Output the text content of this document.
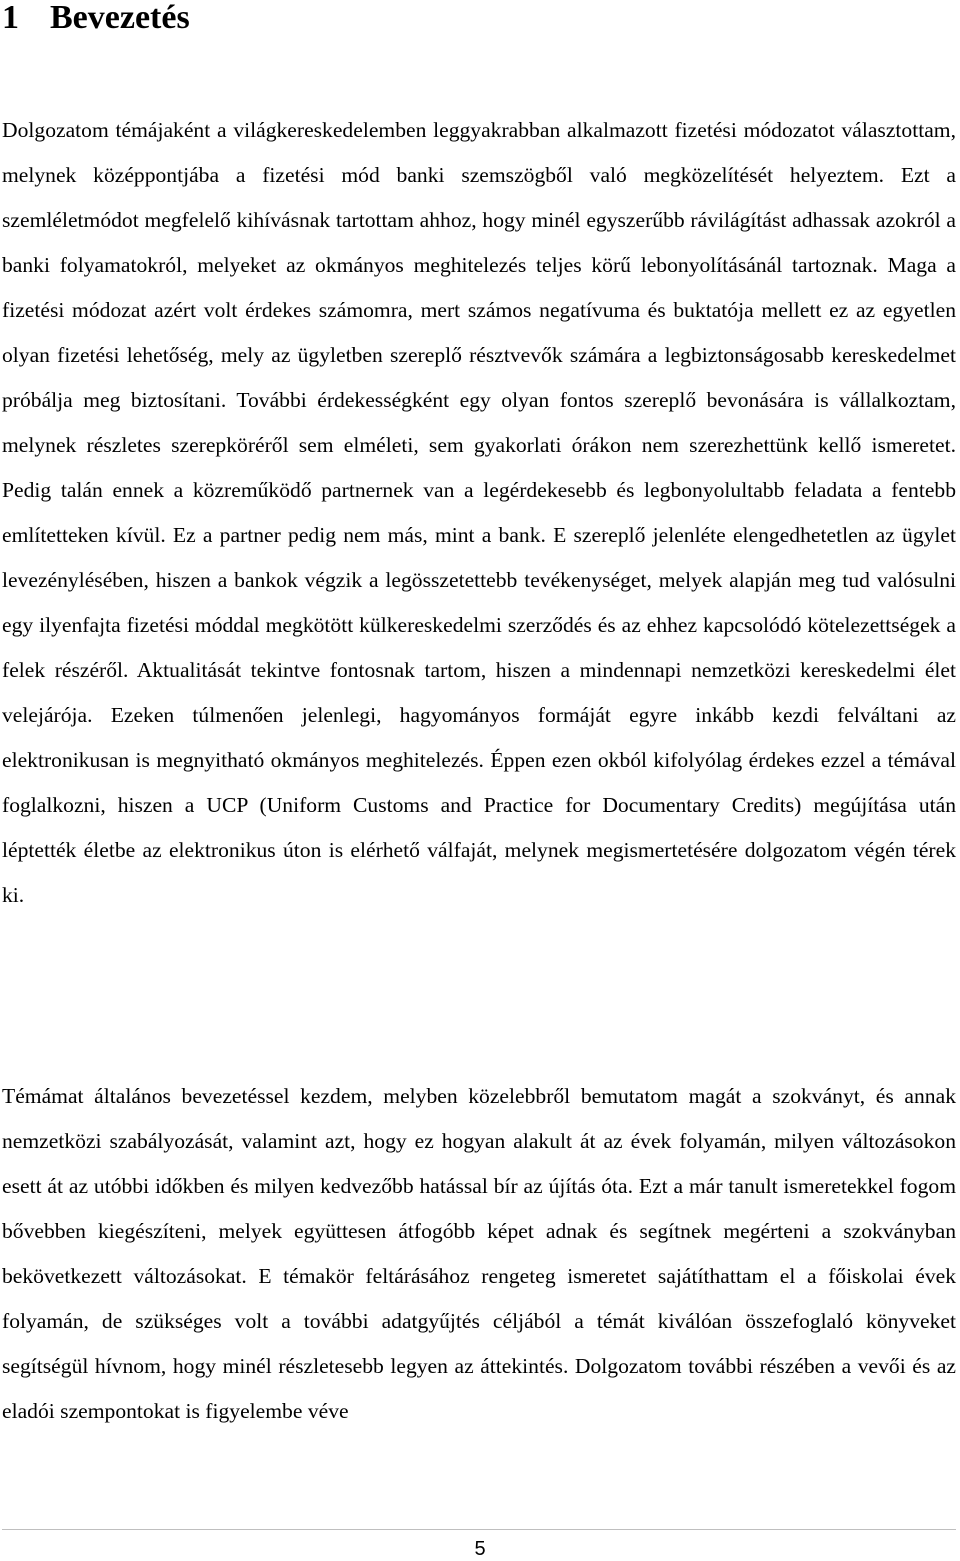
1 Bevezetés

Dolgozatom témájaként a világkereskedelemben leggyakrabban alkalmazott fizetési módozatot választottam, melynek középpontjába a fizetési mód banki szemszögből való megközelítését helyeztem. Ezt a szemléletmódot megfelelő kihívásnak tartottam ahhoz, hogy minél egyszerűbb rávilágítást adhassak azokról a banki folyamatokról, melyeket az okmányos meghitelezés teljes körű lebonyolításánál tartoznak. Maga a fizetési módozat azért volt érdekes számomra, mert számos negatívuma és buktatója mellett ez az egyetlen olyan fizetési lehetőség, mely az ügyletben szereplő résztvevők számára a legbiztonságosabb kereskedelmet próbálja meg biztosítani. További érdekességként egy olyan fontos szereplő bevonására is vállalkoztam, melynek részletes szerepköréről sem elméleti, sem gyakorlati órákon nem szerezhettünk kellő ismeretet. Pedig talán ennek a közreműködő partnernek van a legérdekesebb és legbonyolultabb feladata a fentebb említetteken kívül. Ez a partner pedig nem más, mint a bank. E szereplő jelenléte elengedhetetlen az ügylet levezénylésében, hiszen a bankok végzik a legösszetettebb tevékenységet, melyek alapján meg tud valósulni egy ilyenfajta fizetési móddal megkötött külkereskedelmi szerződés és az ehhez kapcsolódó kötelezettségek a felek részéről. Aktualitását tekintve fontosnak tartom, hiszen a mindennapi nemzetközi kereskedelmi élet velejárója. Ezeken túlmenően jelenlegi, hagyományos formáját egyre inkább kezdi felváltani az elektronikusan is megnyitható okmányos meghitelezés. Éppen ezen okból kifolyólag érdekes ezzel a témával foglalkozni, hiszen a UCP (Uniform Customs and Practice for Documentary Credits) megújítása után léptették életbe az elektronikus úton is elérhető válfaját, melynek megismertetésére dolgozatom végén térek ki.

Témámat általános bevezetéssel kezdem, melyben közelebbről bemutatom magát a szokványt, és annak nemzetközi szabályozását, valamint azt, hogy ez hogyan alakult át az évek folyamán, milyen változásokon esett át az utóbbi időkben és milyen kedvezőbb hatással bír az újítás óta. Ezt a már tanult ismeretekkel fogom bővebben kiegészíteni, melyek együttesen átfogóbb képet adnak és segítnek megérteni a szokványban bekövetkezett változásokat. E témakör feltárásához rengeteg ismeretet sajátíthattam el a főiskolai évek folyamán, de szükséges volt a további adatgyűjtés céljából a témát kiválóan összefoglaló könyveket segítségül hívnom, hogy minél részletesebb legyen az áttekintés. Dolgozatom további részében a vevői és az eladói szempontokat is figyelembe véve

5
